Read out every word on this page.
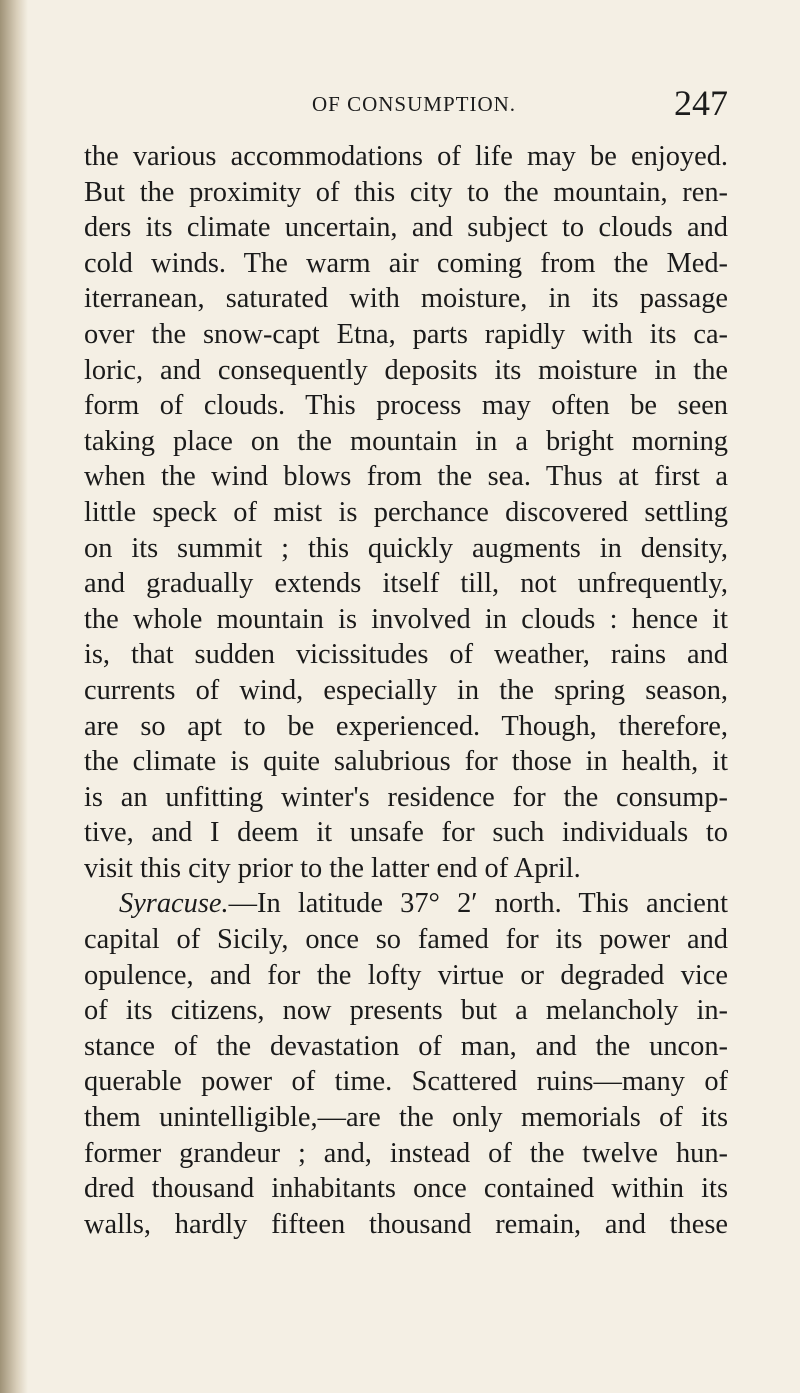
OF CONSUMPTION.	247
the various accommodations of life may be enjoyed.
But the proximity of this city to the mountain, ren-
ders its climate uncertain, and subject to clouds and
cold winds. The warm air coming from the Med-
iterranean, saturated with moisture, in its passage
over the snow-capt Etna, parts rapidly with its ca-
loric, and consequently deposits its moisture in the
form of clouds. This process may often be seen
taking place on the mountain in a bright morning
when the wind blows from the sea. Thus at first a
little speck of mist is perchance discovered settling
on its summit ; this quickly augments in density,
and gradually extends itself till, not unfrequently,
the whole mountain is involved in clouds : hence it
is, that sudden vicissitudes of weather, rains and
currents of wind, especially in the spring season,
are so apt to be experienced. Though, therefore,
the climate is quite salubrious for those in health, it
is an unfitting winter's residence for the consump-
tive, and I deem it unsafe for such individuals to
visit this city prior to the latter end of April.
Syracuse.—In latitude 37° 2′ north. This ancient
capital of Sicily, once so famed for its power and
opulence, and for the lofty virtue or degraded vice
of its citizens, now presents but a melancholy in-
stance of the devastation of man, and the uncon-
querable power of time. Scattered ruins—many of
them unintelligible,—are the only memorials of its
former grandeur ; and, instead of the twelve hun-
dred thousand inhabitants once contained within its
walls, hardly fifteen thousand remain, and these
